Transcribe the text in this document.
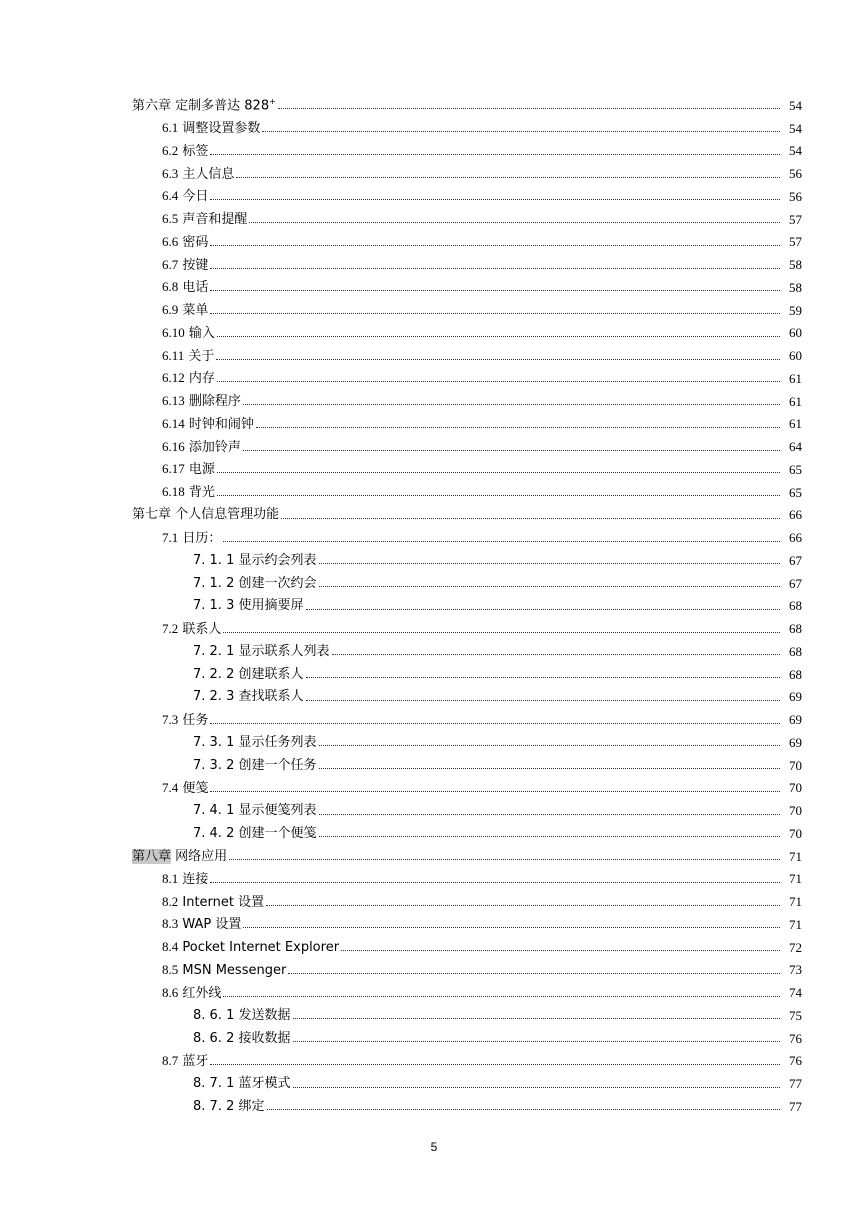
第六章 定制多普达 828+	54
6.1 调整设置参数	54
6.2 标签	54
6.3 主人信息	56
6.4 今日	56
6.5 声音和提醒	57
6.6 密码	57
6.7 按键	58
6.8 电话	58
6.9 菜单	59
6.10 输入	60
6.11 关于	60
6.12 内存	61
6.13 删除程序	61
6.14 时钟和闹钟	61
6.16 添加铃声	64
6.17 电源	65
6.18 背光	65
第七章 个人信息管理功能	66
7.1 日历：	66
7. 1. 1 显示约会列表	67
7. 1. 2 创建一次约会	67
7. 1. 3 使用摘要屏	68
7.2 联系人	68
7. 2. 1 显示联系人列表	68
7. 2. 2 创建联系人	68
7. 2. 3 查找联系人	69
7.3 任务	69
7. 3. 1 显示任务列表	69
7. 3. 2 创建一个任务	70
7.4 便笺	70
7. 4. 1 显示便笺列表	70
7. 4. 2 创建一个便笺	70
第八章 网络应用	71
8.1 连接	71
8.2 Internet 设置	71
8.3 WAP 设置	71
8.4 Pocket Internet Explorer	72
8.5 MSN Messenger	73
8.6 红外线	74
8. 6. 1 发送数据	75
8. 6. 2 接收数据	76
8.7 蓝牙	76
8. 7. 1 蓝牙模式	77
8. 7. 2 绑定	77
5
